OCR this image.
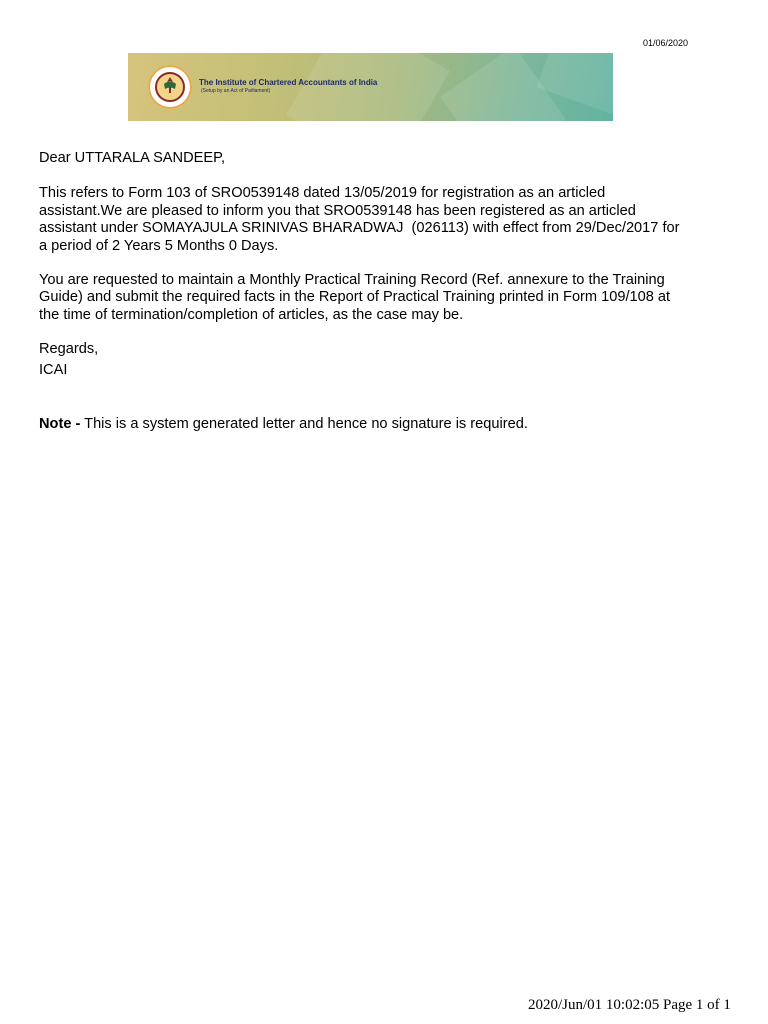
01/06/2020
The Institute of Chartered Accountants of India
(Setup by an Act of Parliament)

Dear UTTARALA SANDEEP,

This refers to Form 103 of SRO0539148 dated 13/05/2019 for registration as an articled
assistant.We are pleased to inform you that SRO0539148 has been registered as an articled
assistant under SOMAYAJULA SRINIVAS BHARADWAJ  (026113) with effect from 29/Dec/2017 for
a period of 2 Years 5 Months 0 Days.

You are requested to maintain a Monthly Practical Training Record (Ref. annexure to the Training
Guide) and submit the required facts in the Report of Practical Training printed in Form 109/108 at
the time of termination/completion of articles, as the case may be.

Regards,

ICAI

Note - This is a system generated letter and hence no signature is required.

2020/Jun/01 10:02:05 Page 1 of 1
